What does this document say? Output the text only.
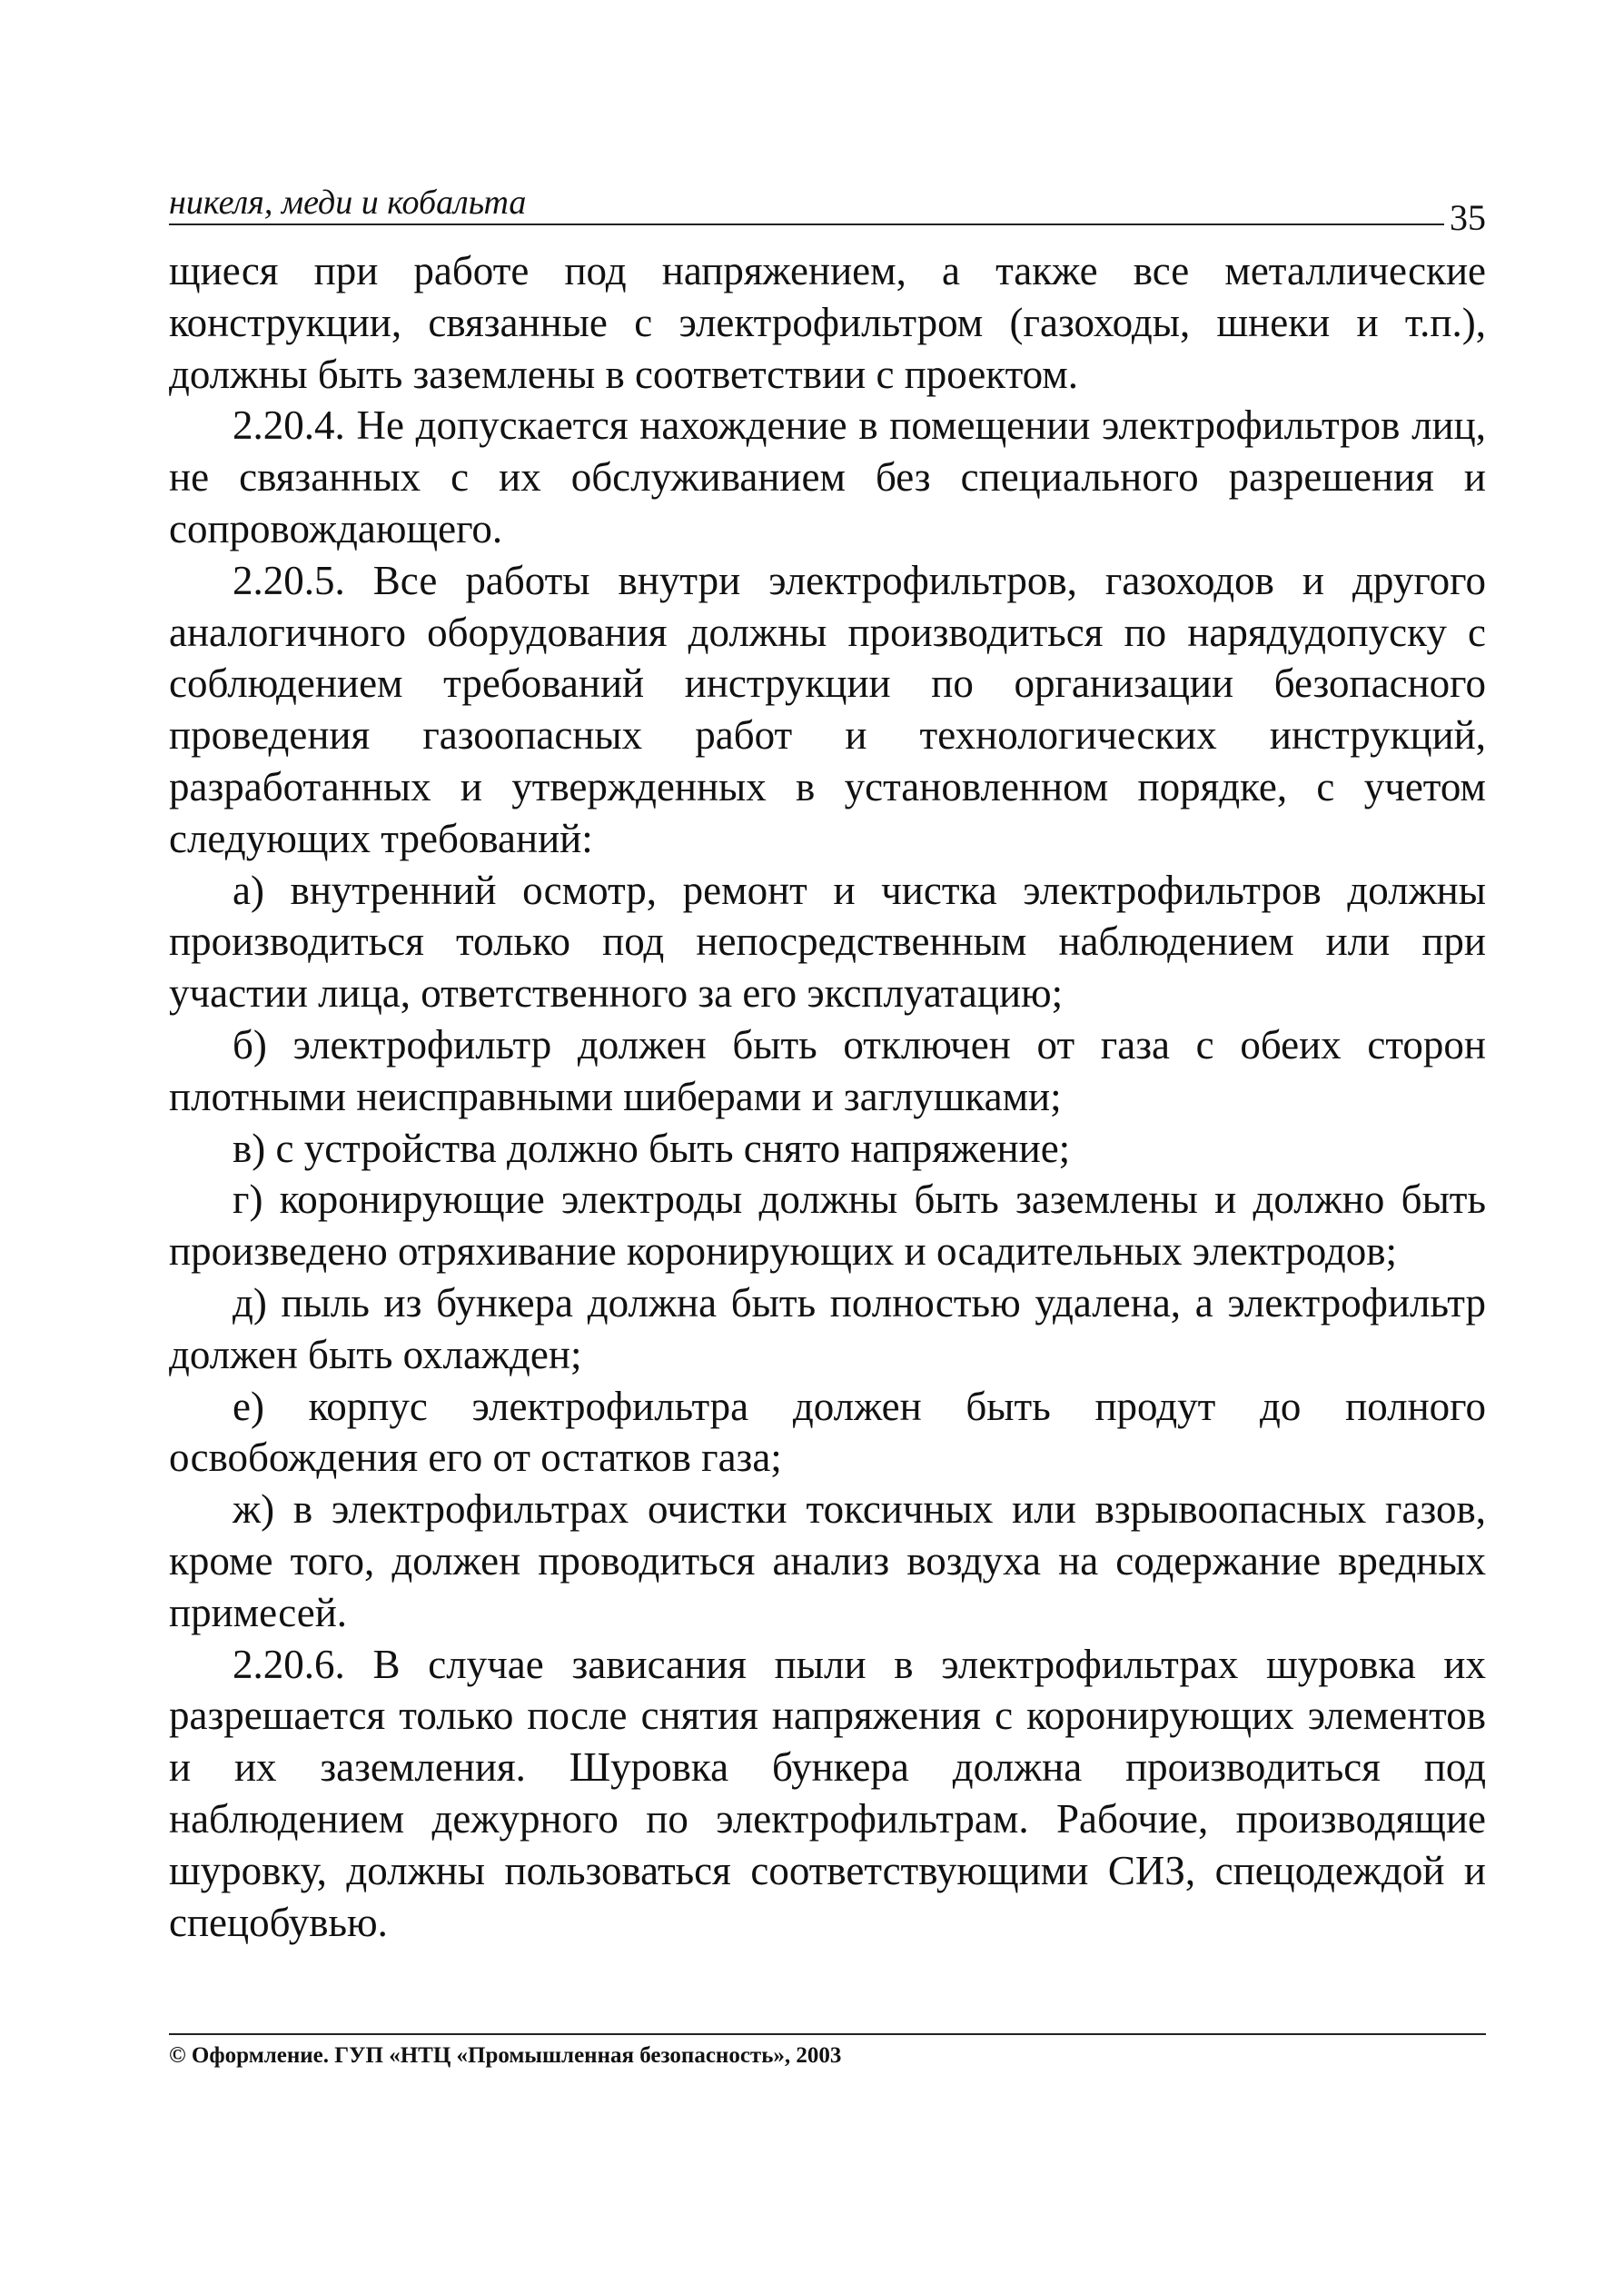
никеля, меди и кобальта	35

щиеся при работе под напряжением, а также все металлические конструкции, связанные с электрофильтром (газоходы, шнеки и т.п.), должны быть заземлены в соответствии с проектом.

2.20.4. Не допускается нахождение в помещении электрофильтров лиц, не связанных с их обслуживанием без специального разрешения и сопровождающего.

2.20.5. Все работы внутри электрофильтров, газоходов и другого аналогичного оборудования должны производиться по нарядудопуску с соблюдением требований инструкции по организации безопасного проведения газоопасных работ и технологических инструкций, разработанных и утвержденных в установленном порядке, с учетом следующих требований:

а) внутренний осмотр, ремонт и чистка электрофильтров должны производиться только под непосредственным наблюдением или при участии лица, ответственного за его эксплуатацию;

б) электрофильтр должен быть отключен от газа с обеих сторон плотными неисправными шиберами и заглушками;

в) с устройства должно быть снято напряжение;

г) коронирующие электроды должны быть заземлены и должно быть произведено отряхивание коронирующих и осадительных электродов;

д) пыль из бункера должна быть полностью удалена, а электрофильтр должен быть охлажден;

е) корпус электрофильтра должен быть продут до полного освобождения его от остатков газа;

ж) в электрофильтрах очистки токсичных или взрывоопасных газов, кроме того, должен проводиться анализ воздуха на содержание вредных примесей.

2.20.6. В случае зависания пыли в электрофильтрах шуровка их разрешается только после снятия напряжения с коронирующих элементов и их заземления. Шуровка бункера должна производиться под наблюдением дежурного по электрофильтрам. Рабочие, производящие шуровку, должны пользоваться соответствующими СИЗ, спецодеждой и спецобувью.

© Оформление. ГУП «НТЦ «Промышленная безопасность», 2003
